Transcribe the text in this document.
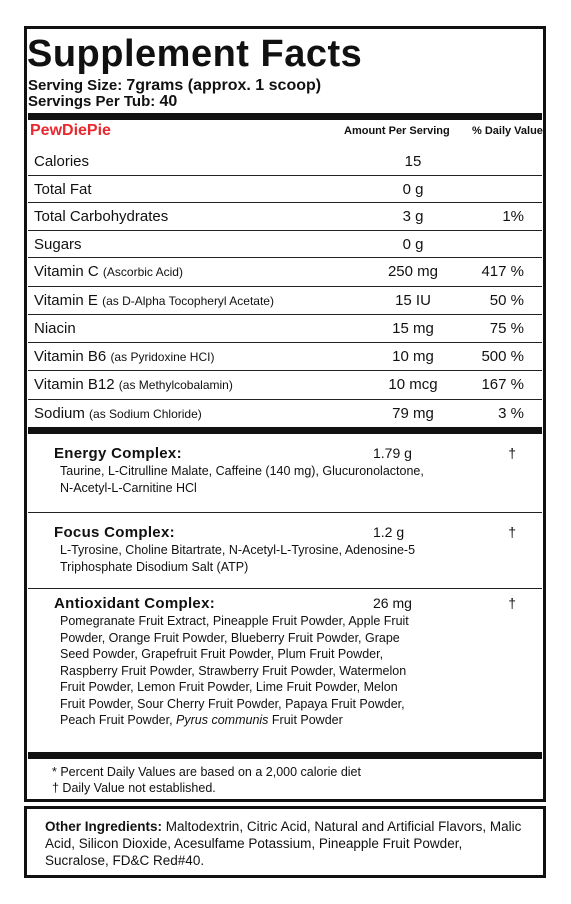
Supplement Facts
Serving Size: 7grams (approx. 1 scoop)
Servings Per Tub: 40
PewDiePie	Amount Per Serving % Daily Value
Calories	15
Total Fat	0 g
Total Carbohydrates	3 g	1%
Sugars	0 g
Vitamin C (Ascorbic Acid)	250 mg	417 %
Vitamin E (as D-Alpha Tocopheryl Acetate)	15 IU	50 %
Niacin	15 mg	75 %
Vitamin B6 (as Pyridoxine HCI)	10 mg	500 %
Vitamin B12 (as Methylcobalamin)	10 mcg	167 %
Sodium (as Sodium Chloride)	79 mg	3 %
Energy Complex:	1.79 g	†
Taurine, L-Citrulline Malate, Caffeine (140 mg), Glucuronolactone, N-Acetyl-L-Carnitine HCl
Focus Complex:	1.2 g	†
L-Tyrosine, Choline Bitartrate, N-Acetyl-L-Tyrosine, Adenosine-5 Triphosphate Disodium Salt (ATP)
Antioxidant Complex:	26 mg	†
Pomegranate Fruit Extract, Pineapple Fruit Powder, Apple Fruit Powder, Orange Fruit Powder, Blueberry Fruit Powder, Grape Seed Powder, Grapefruit Fruit Powder, Plum Fruit Powder, Raspberry Fruit Powder, Strawberry Fruit Powder, Watermelon Fruit Powder, Lemon Fruit Powder, Lime Fruit Powder, Melon Fruit Powder, Sour Cherry Fruit Powder, Papaya Fruit Powder, Peach Fruit Powder, Pyrus communis Fruit Powder
* Percent Daily Values are based on a 2,000 calorie diet
† Daily Value not established.
Other Ingredients: Maltodextrin, Citric Acid, Natural and Artificial Flavors, Malic Acid, Silicon Dioxide, Acesulfame Potassium, Pineapple Fruit Powder, Sucralose, FD&C Red#40.
